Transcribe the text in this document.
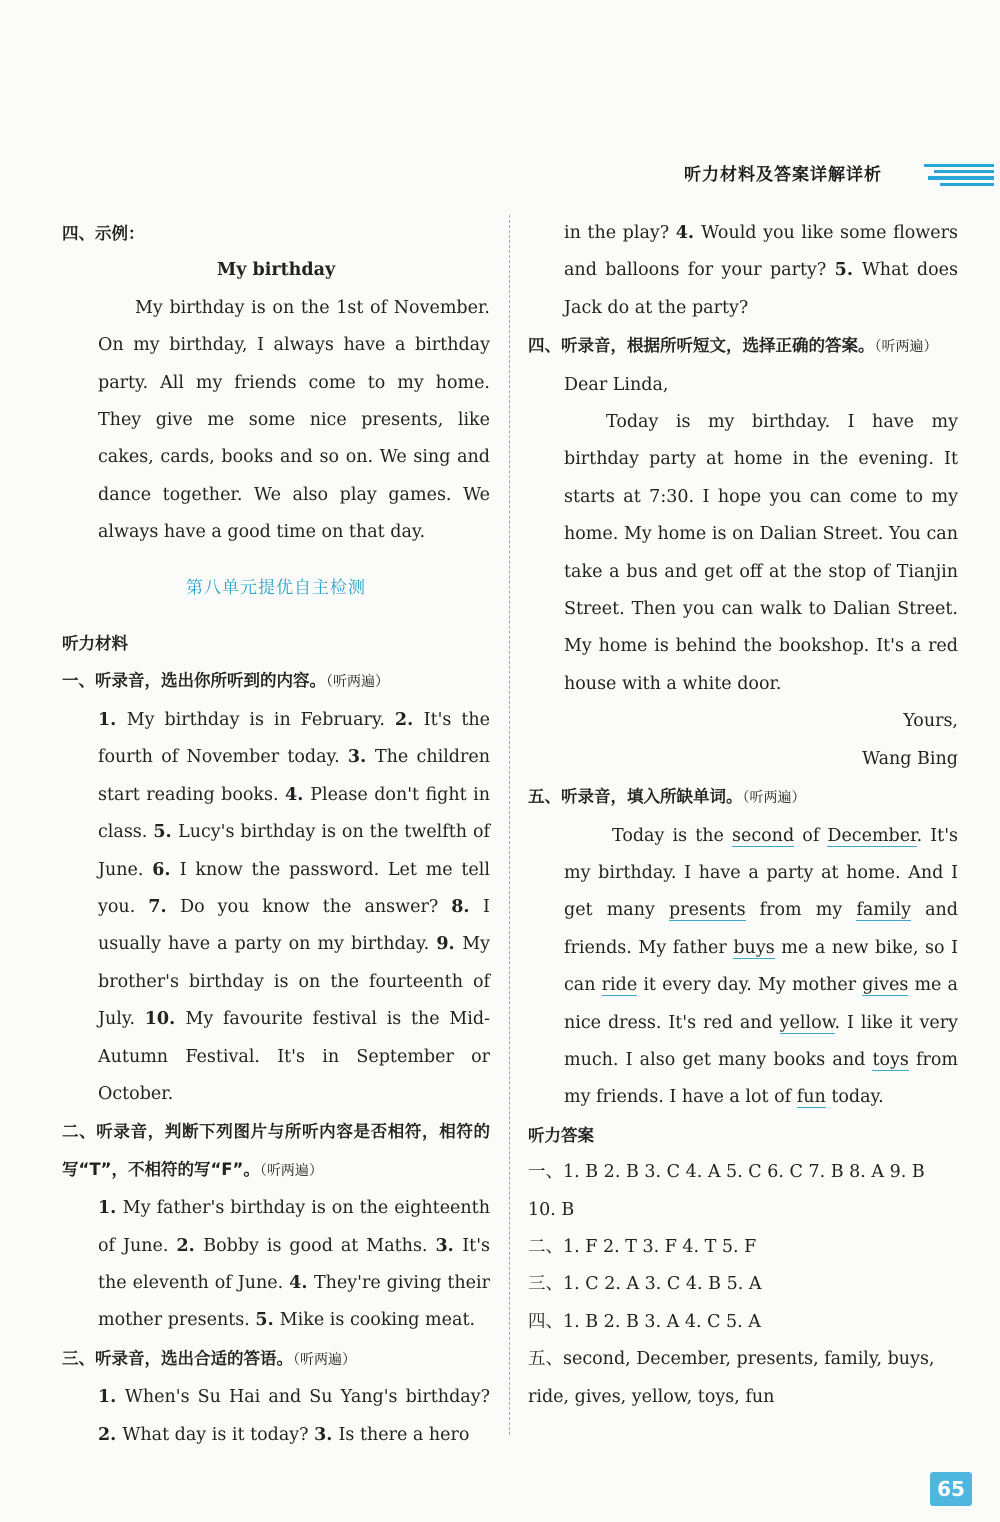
听力材料及答案详解详析

四、示例：

My birthday

My birthday is on the 1st of November. On my birthday, I always have a birthday party. All my friends come to my home. They give me some nice presents, like cakes, cards, books and so on. We sing and dance together. We also play games. We always have a good time on that day.

第八单元提优自主检测

听力材料

一、听录音，选出你所听到的内容。（听两遍）

1. My birthday is in February. 2. It's the fourth of November today. 3. The children start reading books. 4. Please don't fight in class. 5. Lucy's birthday is on the twelfth of June. 6. I know the password. Let me tell you. 7. Do you know the answer? 8. I usually have a party on my birthday. 9. My brother's birthday is on the fourteenth of July. 10. My favourite festival is the Mid-Autumn Festival. It's in September or October.

二、听录音，判断下列图片与所听内容是否相符，相符的写“T”，不相符的写“F”。（听两遍）

1. My father's birthday is on the eighteenth of June. 2. Bobby is good at Maths. 3. It's the eleventh of June. 4. They're giving their mother presents. 5. Mike is cooking meat.

三、听录音，选出合适的答语。（听两遍）

1. When's Su Hai and Su Yang's birthday? 2. What day is it today? 3. Is there a hero

in the play? 4. Would you like some flowers and balloons for your party? 5. What does Jack do at the party?

四、听录音，根据所听短文，选择正确的答案。（听两遍）

Dear Linda,

Today is my birthday. I have my birthday party at home in the evening. It starts at 7:30. I hope you can come to my home. My home is on Dalian Street. You can take a bus and get off at the stop of Tianjin Street. Then you can walk to Dalian Street. My home is behind the bookshop. It's a red house with a white door.

Yours,

Wang Bing

五、听录音，填入所缺单词。（听两遍）

Today is the second of December. It's my birthday. I have a party at home. And I get many presents from my family and friends. My father buys me a new bike, so I can ride it every day. My mother gives me a nice dress. It's red and yellow. I like it very much. I also get many books and toys from my friends. I have a lot of fun today.

听力答案

一、1. B 2. B 3. C 4. A 5. C 6. C 7. B 8. A 9. B 10. B

二、1. F 2. T 3. F 4. T 5. F

三、1. C 2. A 3. C 4. B 5. A

四、1. B 2. B 3. A 4. C 5. A

五、second, December, presents, family, buys, ride, gives, yellow, toys, fun

65
